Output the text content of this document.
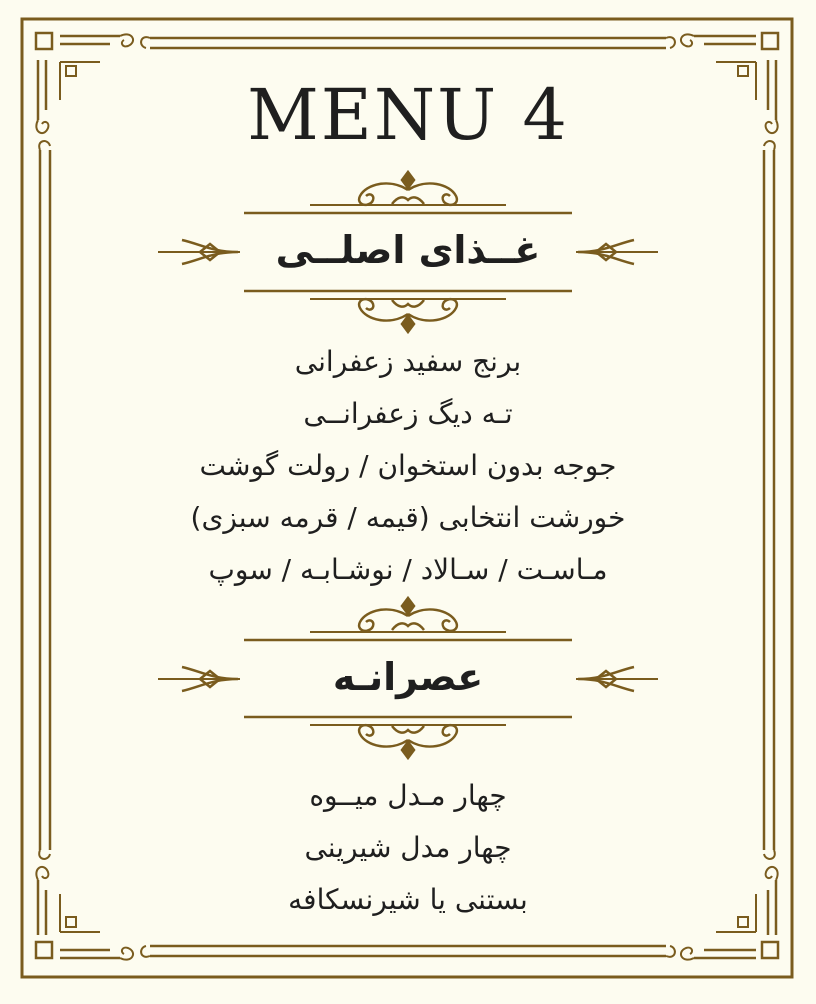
MENU 4
غــذای اصلــی
برنج سفید زعفرانی
تـه دیگ زعفرانــی
جوجه بدون استخوان / رولت گوشت
خورشت انتخابی (قیمه / قرمه سبزی)
مـاسـت / سـالاد / نوشـابـه / سوپ
عصرانـه
چهار مـدل میــوه
چهار مدل شیرینی
بستنی یا شیرنسکافه
